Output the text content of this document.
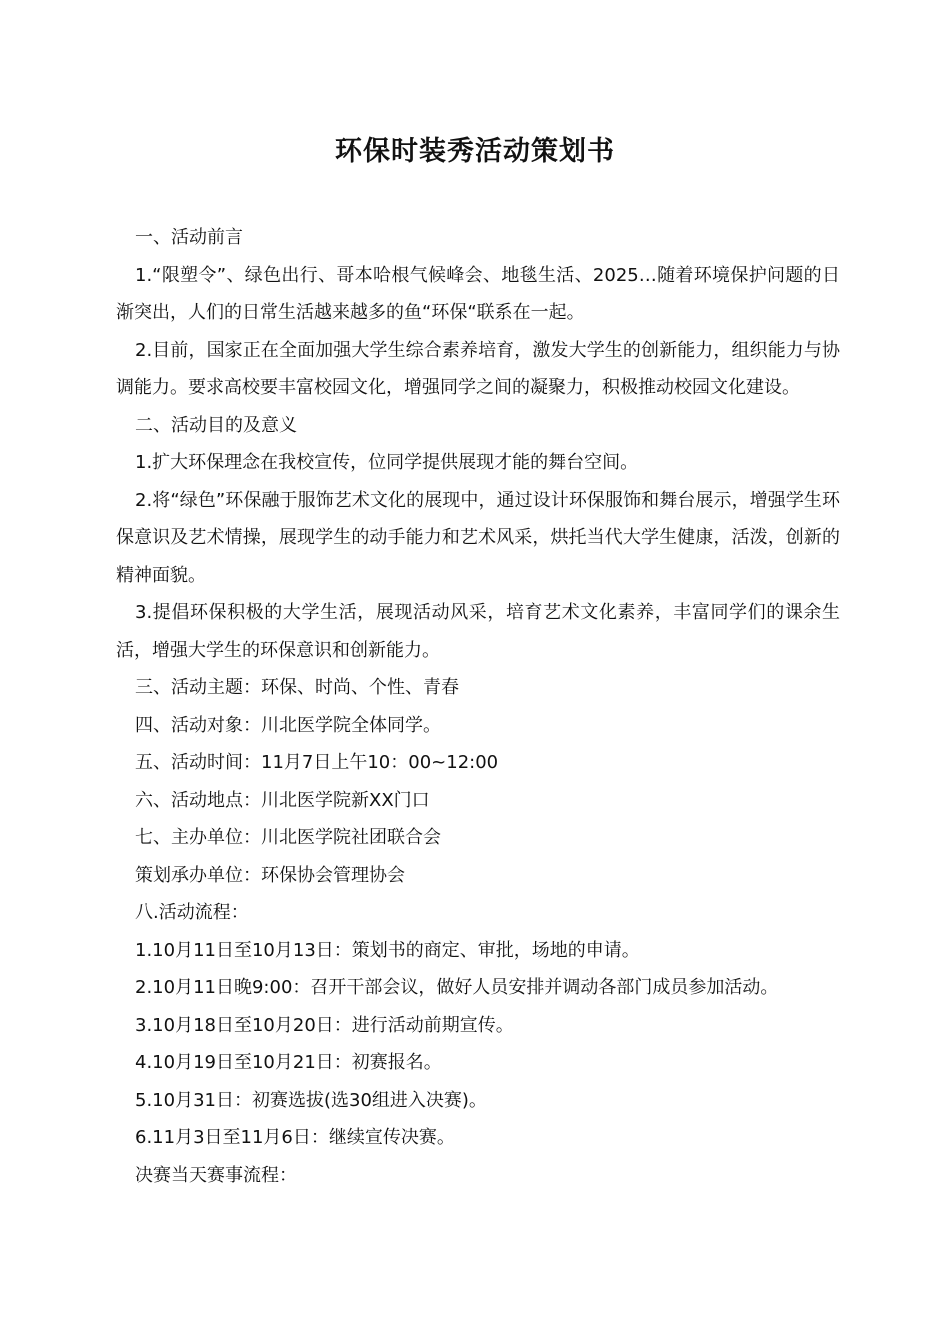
环保时装秀活动策划书

一、活动前言

1.“限塑令”、绿色出行、哥本哈根气候峰会、地毯生活、2025…随着环境保护问题的日渐突出，人们的日常生活越来越多的鱼“环保“联系在一起。

2.目前，国家正在全面加强大学生综合素养培育，激发大学生的创新能力，组织能力与协调能力。要求高校要丰富校园文化，增强同学之间的凝聚力，积极推动校园文化建设。

二、活动目的及意义

1.扩大环保理念在我校宣传，位同学提供展现才能的舞台空间。

2.将“绿色”环保融于服饰艺术文化的展现中，通过设计环保服饰和舞台展示，增强学生环保意识及艺术情操，展现学生的动手能力和艺术风采，烘托当代大学生健康，活泼，创新的精神面貌。

3.提倡环保积极的大学生活，展现活动风采，培育艺术文化素养，丰富同学们的课余生活，增强大学生的环保意识和创新能力。

三、活动主题：环保、时尚、个性、青春

四、活动对象：川北医学院全体同学。

五、活动时间：11月7日上午10：00~12:00

六、活动地点：川北医学院新XX门口

七、主办单位：川北医学院社团联合会

策划承办单位：环保协会管理协会

八.活动流程：

1.10月11日至10月13日：策划书的商定、审批，场地的申请。

2.10月11日晚9:00：召开干部会议，做好人员安排并调动各部门成员参加活动。

3.10月18日至10月20日：进行活动前期宣传。

4.10月19日至10月21日：初赛报名。

5.10月31日：初赛选拔(选30组进入决赛)。

6.11月3日至11月6日：继续宣传决赛。

决赛当天赛事流程：
